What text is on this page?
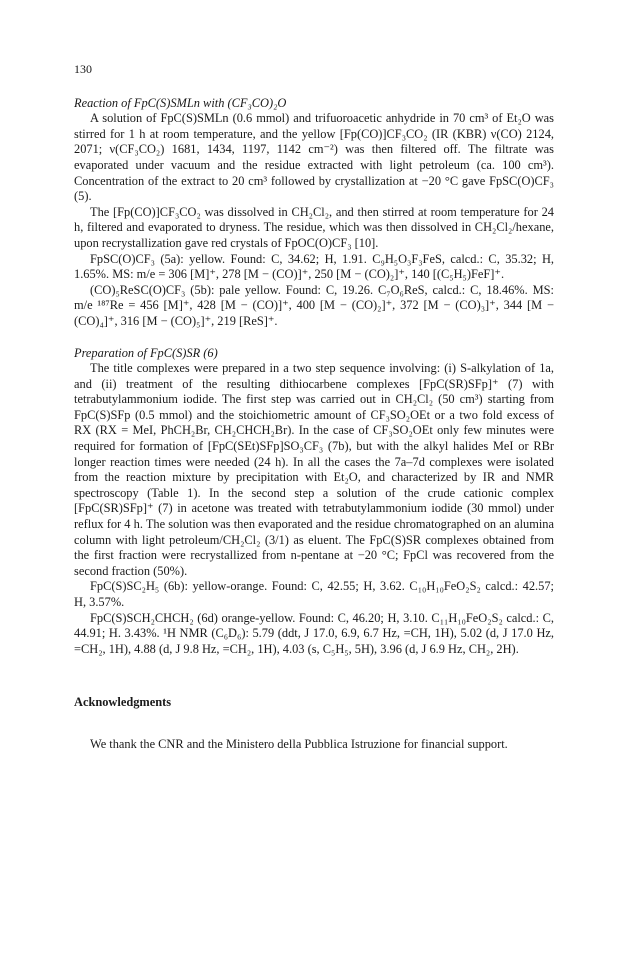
130
Reaction of FpC(S)SMLn with (CF₃CO)₂O

A solution of FpC(S)SMLn (0.6 mmol) and trifuoroacetic anhydride in 70 cm³ of Et₂O was stirred for 1 h at room temperature, and the yellow [Fp(CO)]CF₃CO₂ (IR (KBR) ν(CO) 2124, 2071; ν(CF₃CO₂) 1681, 1434, 1197, 1142 cm⁻²) was then filtered off. The filtrate was evaporated under vacuum and the residue extracted with light petroleum (ca. 100 cm³). Concentration of the extract to 20 cm³ followed by crystallization at −20 °C gave FpSC(O)CF₃ (5).

The [Fp(CO)]CF₃CO₂ was dissolved in CH₂Cl₂, and then stirred at room temperature for 24 h, filtered and evaporated to dryness. The residue, which was then dissolved in CH₂Cl₂/hexane, upon recrystallization gave red crystals of FpOC(O)CF₃ [10].

FpSC(O)CF₃ (5a): yellow. Found: C, 34.62; H, 1.91. C₉H₅O₃F₃FeS, calcd.: C, 35.32; H, 1.65%. MS: m/e = 306 [M]⁺, 278 [M − (CO)]⁺, 250 [M − (CO)₂]⁺, 140 [(C₅H₅)FeF]⁺.

(CO)₅ReSC(O)CF₃ (5b): pale yellow. Found: C, 19.26. C₇O₆ReS, calcd.: C, 18.46%. MS: m/e ¹⁸⁷Re = 456 [M]⁺, 428 [M − (CO)]⁺, 400 [M − (CO)₂]⁺, 372 [M − (CO)₃]⁺, 344 [M − (CO)₄]⁺, 316 [M − (CO)₅]⁺, 219 [ReS]⁺.

Preparation of FpC(S)SR (6)

The title complexes were prepared in a two step sequence involving: (i) S-alkylation of 1a, and (ii) treatment of the resulting dithiocarbene complexes [FpC(SR)SFp]⁺ (7) with tetrabutylammonium iodide. The first step was carried out in CH₂Cl₂ (50 cm³) starting from FpC(S)SFp (0.5 mmol) and the stoichiometric amount of CF₃SO₂OEt or a two fold excess of RX (RX = MeI, PhCH₂Br, CH₂CHCH₂Br). In the case of CF₃SO₂OEt only few minutes were required for formation of [FpC(SEt)SFp]SO₃CF₃ (7b), but with the alkyl halides MeI or RBr longer reaction times were needed (24 h). In all the cases the 7a–7d complexes were isolated from the reaction mixture by precipitation with Et₂O, and characterized by IR and NMR spectroscopy (Table 1). In the second step a solution of the crude cationic complex [FpC(SR)SFp]⁺ (7) in acetone was treated with tetrabutylammonium iodide (30 mmol) under reflux for 4 h. The solution was then evaporated and the residue chromatographed on an alumina column with light petroleum/CH₂Cl₂ (3/1) as eluent. The FpC(S)SR complexes obtained from the first fraction were recrystallized from n-pentane at −20 °C; FpCl was recovered from the second fraction (50%).

FpC(S)SC₂H₅ (6b): yellow-orange. Found: C, 42.55; H, 3.62. C₁₀H₁₀FeO₂S₂ calcd.: 42.57; H, 3.57%.

FpC(S)SCH₂CHCH₂ (6d) orange-yellow. Found: C, 46.20; H, 3.10. C₁₁H₁₀FeO₂S₂ calcd.: C, 44.91; H. 3.43%. ¹H NMR (C₆D₆): 5.79 (ddt, J 17.0, 6.9, 6.7 Hz, =CH, 1H), 5.02 (d, J 17.0 Hz, =CH₂, 1H), 4.88 (d, J 9.8 Hz, =CH₂, 1H), 4.03 (s, C₅H₅, 5H), 3.96 (d, J 6.9 Hz, CH₂, 2H).

Acknowledgments

We thank the CNR and the Ministero della Pubblica Istruzione for financial support.
